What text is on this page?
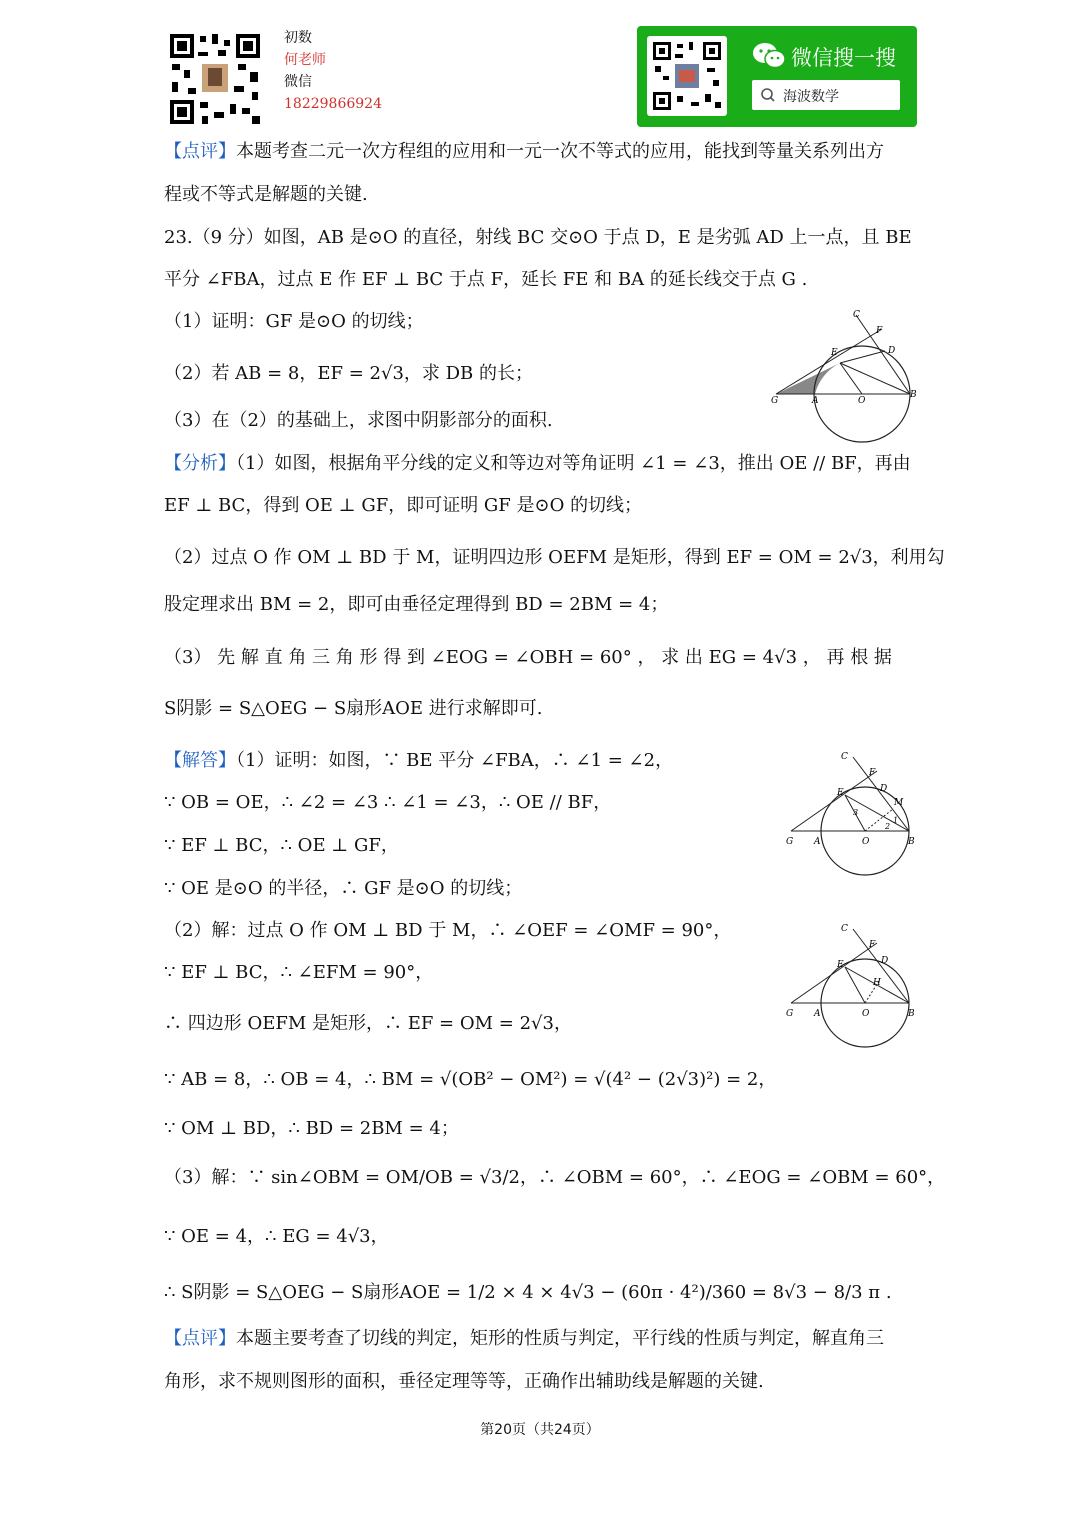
初数
何老师
微信
18229866924
微信搜一搜
海波数学
【点评】本题考查二元一次方程组的应用和一元一次不等式的应用，能找到等量关系列出方
程或不等式是解题的关键.
23.（9 分）如图，AB 是⊙O 的直径，射线 BC 交⊙O 于点 D，E 是劣弧 AD 上一点，且 BE
平分 ∠FBA，过点 E 作 EF ⊥ BC 于点 F，延长 FE 和 BA 的延长线交于点 G .
（1）证明：GF 是⊙O 的切线；
（2）若 AB = 8，EF = 2√3，求 DB 的长；
（3）在（2）的基础上，求图中阴影部分的面积.
【分析】（1）如图，根据角平分线的定义和等边对等角证明 ∠1 = ∠3，推出 OE // BF，再由
EF ⊥ BC，得到 OE ⊥ GF，即可证明 GF 是⊙O 的切线；
（2）过点 O 作 OM ⊥ BD 于 M，证明四边形 OEFM 是矩形，得到 EF = OM = 2√3，利用勾
股定理求出 BM = 2，即可由垂径定理得到 BD = 2BM = 4；
（3） 先 解 直 角 三 角 形 得 到 ∠EOG = ∠OBH = 60° ， 求 出 EG = 4√3 ， 再 根 据
S阴影 = S△OEG − S扇形AOE 进行求解即可.
【解答】（1）证明：如图，∵ BE 平分 ∠FBA，∴ ∠1 = ∠2，
∵ OB = OE，∴ ∠2 = ∠3 ∴ ∠1 = ∠3，∴ OE // BF，
∵ EF ⊥ BC，∴ OE ⊥ GF，
∵ OE 是⊙O 的半径，∴ GF 是⊙O 的切线；
（2）解：过点 O 作 OM ⊥ BD 于 M，∴ ∠OEF = ∠OMF = 90°，
∵ EF ⊥ BC，∴ ∠EFM = 90°，
∴ 四边形 OEFM 是矩形，∴ EF = OM = 2√3，
∵ AB = 8，∴ OB = 4，∴ BM = √(OB² − OM²) = √(4² − (2√3)²) = 2，
∵ OM ⊥ BD，∴ BD = 2BM = 4；
（3）解：∵ sin∠OBM = OM/OB = √3/2，∴ ∠OBM = 60°，∴ ∠EOG = ∠OBM = 60°，
∵ OE = 4，∴ EG = 4√3，
∴ S阴影 = S△OEG − S扇形AOE = 1/2 × 4 × 4√3 − (60π · 4²)/360 = 8√3 − 8/3 π .
【点评】本题主要考查了切线的判定，矩形的性质与判定，平行线的性质与判定，解直角三
角形，求不规则图形的面积，垂径定理等等，正确作出辅助线是解题的关键.
C
F
E	D
G	A	O
B
C
F
E	D
M
3
1
2
G A	O	B
C
F
E	D
H
G A	O	B
第20页（共24页）
